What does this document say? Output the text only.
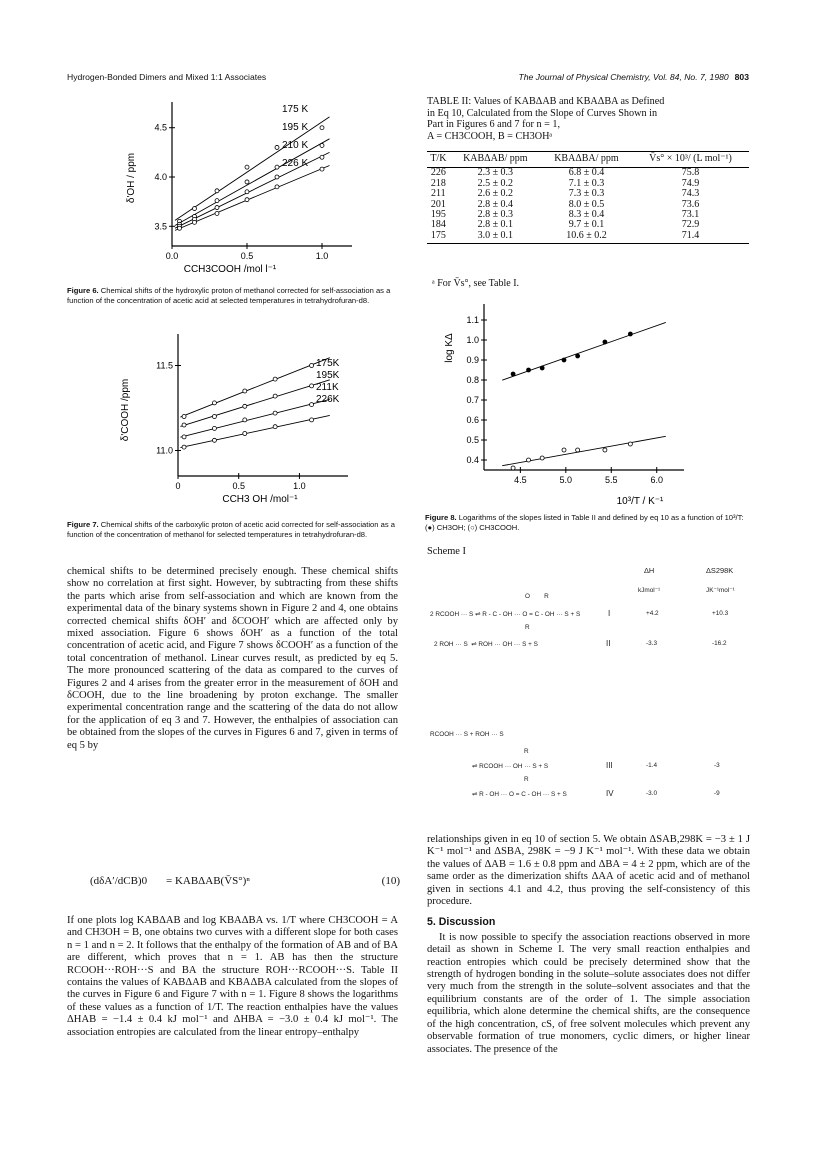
Hydrogen-Bonded Dimers and Mixed 1:1 Associates	The Journal of Physical Chemistry, Vol. 84, No. 7, 1980 803
4.5
4.0
3.5
0.0	0.5	1.0
175 K
195 K
210 K
226 K
CCH3COOH /mol l⁻¹
δ'OH / ppm
Figure 6. Chemical shifts of the hydroxylic proton of methanol corrected for self-association as a function of the concentration of acetic acid at selected temperatures in tetrahydrofuran-d8.
11.5
11.0
0	0.5	1.0
175K
195K
211K
226K
CCH3 OH /mol⁻¹
δ'COOH /ppm
Figure 7. Chemical shifts of the carboxylic proton of acetic acid corrected for self-association as a function of the concentration of methanol for selected temperatures in tetrahydrofuran-d8.

chemical shifts to be determined precisely enough. These chemical shifts show no correlation at first sight. However, by subtracting from these shifts the parts which arise from self-association and which are known from the experimental data of the binary systems shown in Figure 2 and 4, one obtains corrected chemical shifts δOH′ and δCOOH′ which are affected only by mixed association. Figure 6 shows δOH′ as a function of the total concentration of acetic acid, and Figure 7 shows δCOOH′ as a function of the total concentration of methanol. Linear curves result, as predicted by eq 5. The more pronounced scattering of the data as compared to the curves of Figures 2 and 4 arises from the greater error in the measurement of δOH and δCOOH, due to the line broadening by proton exchange. The smaller experimental concentration range and the scattering of the data do not allow for the application of eq 3 and 7. However, the enthalpies of association can be obtained from the slopes of the curves in Figures 6 and 7, given in terms of eq 5 by

(dδA′/dCB)0 = KABΔAB(V̄S°)ⁿ	(10)

If one plots log KABΔAB and log KBAΔBA vs. 1/T where CH3COOH = A and CH3OH = B, one obtains two curves with a different slope for both cases n = 1 and n = 2. It follows that the enthalpy of the formation of AB and of BA are different, which proves that n = 1. AB has then the structure RCOOH···ROH···S and BA the structure ROH···RCOOH···S. Table II contains the values of KABΔAB and KBAΔBA calculated from the slopes of the curves in Figure 6 and Figure 7 with n = 1. Figure 8 shows the logarithms of these values as a function of 1/T. The reaction enthalpies have the values ΔHAB = −1.4 ± 0.4 kJ mol⁻¹ and ΔHBA = −3.0 ± 0.4 kJ mol⁻¹. The association entropies are calculated from the linear entropy–enthalpy

TABLE II: Values of KABΔAB and KBAΔBA as Defined
in Eq 10, Calculated from the Slope of Curves Shown in
Part in Figures 6 and 7 for n = 1,
A = CH3COOH, B = CH3OHᵃ
T/K	KABΔAB/ ppm	KBAΔBA/ ppm	V̄s° × 10³/ (L mol⁻¹)
226	2.3 ± 0.3	6.8 ± 0.4	75.8
218	2.5 ± 0.2	7.1 ± 0.3	74.9
211	2.6 ± 0.2	7.3 ± 0.3	74.3
201	2.8 ± 0.4	8.0 ± 0.5	73.6
195	2.8 ± 0.3	8.3 ± 0.4	73.1
184	2.8 ± 0.1	9.7 ± 0.1	72.9
175	3.0 ± 0.1	10.6 ± 0.2	71.4
ᵃ For V̄s°, see Table I.
1.1
1.0
0.9
0.8
0.7
0.6
0.5
0.4
4.5	5.0	5.5	6.0
10³/T / K⁻¹
log KΔ
Figure 8. Logarithms of the slopes listed in Table II and defined by eq 10 as a function of 10³/T: (●) CH3OH; (○) CH3COOH.
Scheme I
ΔH	ΔS298K
kJmol⁻¹	JK⁻¹mol⁻¹
O        R
2 RCOOH ··· S ⇌ R - C - OH ··· O = C - OH ··· S + S	I	+4.2	+10.3
R
2 ROH ··· S  ⇌ ROH ··· OH ··· S + S	II	-3.3	-16.2
RCOOH ··· S + ROH ··· S
R
⇌ RCOOH ··· OH ··· S + S	III	-1.4	-3
R
⇌ R - OH ··· O = C - OH ··· S + S	IV	-3.0	-9

relationships given in eq 10 of section 5. We obtain ΔSAB,298K = −3 ± 1 J K⁻¹ mol⁻¹ and ΔSBA, 298K = −9 J K⁻¹ mol⁻¹. With these data we obtain the values of ΔAB = 1.6 ± 0.8 ppm and ΔBA = 4 ± 2 ppm, which are of the same order as the dimerization shifts ΔAA of acetic acid and of methanol given in sections 4.1 and 4.2, thus proving the self-consistency of this procedure.

5. Discussion

It is now possible to specify the association reactions observed in more detail as shown in Scheme I. The very small reaction enthalpies and reaction entropies which could be precisely determined show that the strength of hydrogen bonding in the solute–solute associates does not differ very much from the strength in the solute–solvent associates and that the equilibrium constants are of the order of 1. The simple association equilibria, which alone determine the chemical shifts, are the consequence of the high concentration, cS, of free solvent molecules which prevent any observable formation of true monomers, cyclic dimers, or higher linear associates. The presence of the
